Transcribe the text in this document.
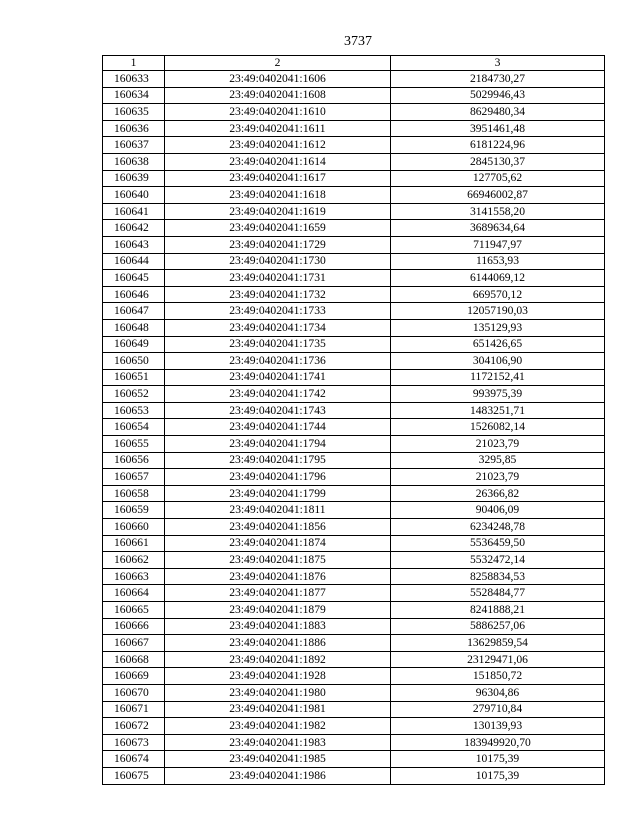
3737
1	2	3
160633	23:49:0402041:1606	2184730,27
160634	23:49:0402041:1608	5029946,43
160635	23:49:0402041:1610	8629480,34
160636	23:49:0402041:1611	3951461,48
160637	23:49:0402041:1612	6181224,96
160638	23:49:0402041:1614	2845130,37
160639	23:49:0402041:1617	127705,62
160640	23:49:0402041:1618	66946002,87
160641	23:49:0402041:1619	3141558,20
160642	23:49:0402041:1659	3689634,64
160643	23:49:0402041:1729	711947,97
160644	23:49:0402041:1730	11653,93
160645	23:49:0402041:1731	6144069,12
160646	23:49:0402041:1732	669570,12
160647	23:49:0402041:1733	12057190,03
160648	23:49:0402041:1734	135129,93
160649	23:49:0402041:1735	651426,65
160650	23:49:0402041:1736	304106,90
160651	23:49:0402041:1741	1172152,41
160652	23:49:0402041:1742	993975,39
160653	23:49:0402041:1743	1483251,71
160654	23:49:0402041:1744	1526082,14
160655	23:49:0402041:1794	21023,79
160656	23:49:0402041:1795	3295,85
160657	23:49:0402041:1796	21023,79
160658	23:49:0402041:1799	26366,82
160659	23:49:0402041:1811	90406,09
160660	23:49:0402041:1856	6234248,78
160661	23:49:0402041:1874	5536459,50
160662	23:49:0402041:1875	5532472,14
160663	23:49:0402041:1876	8258834,53
160664	23:49:0402041:1877	5528484,77
160665	23:49:0402041:1879	8241888,21
160666	23:49:0402041:1883	5886257,06
160667	23:49:0402041:1886	13629859,54
160668	23:49:0402041:1892	23129471,06
160669	23:49:0402041:1928	151850,72
160670	23:49:0402041:1980	96304,86
160671	23:49:0402041:1981	279710,84
160672	23:49:0402041:1982	130139,93
160673	23:49:0402041:1983	183949920,70
160674	23:49:0402041:1985	10175,39
160675	23:49:0402041:1986	10175,39
